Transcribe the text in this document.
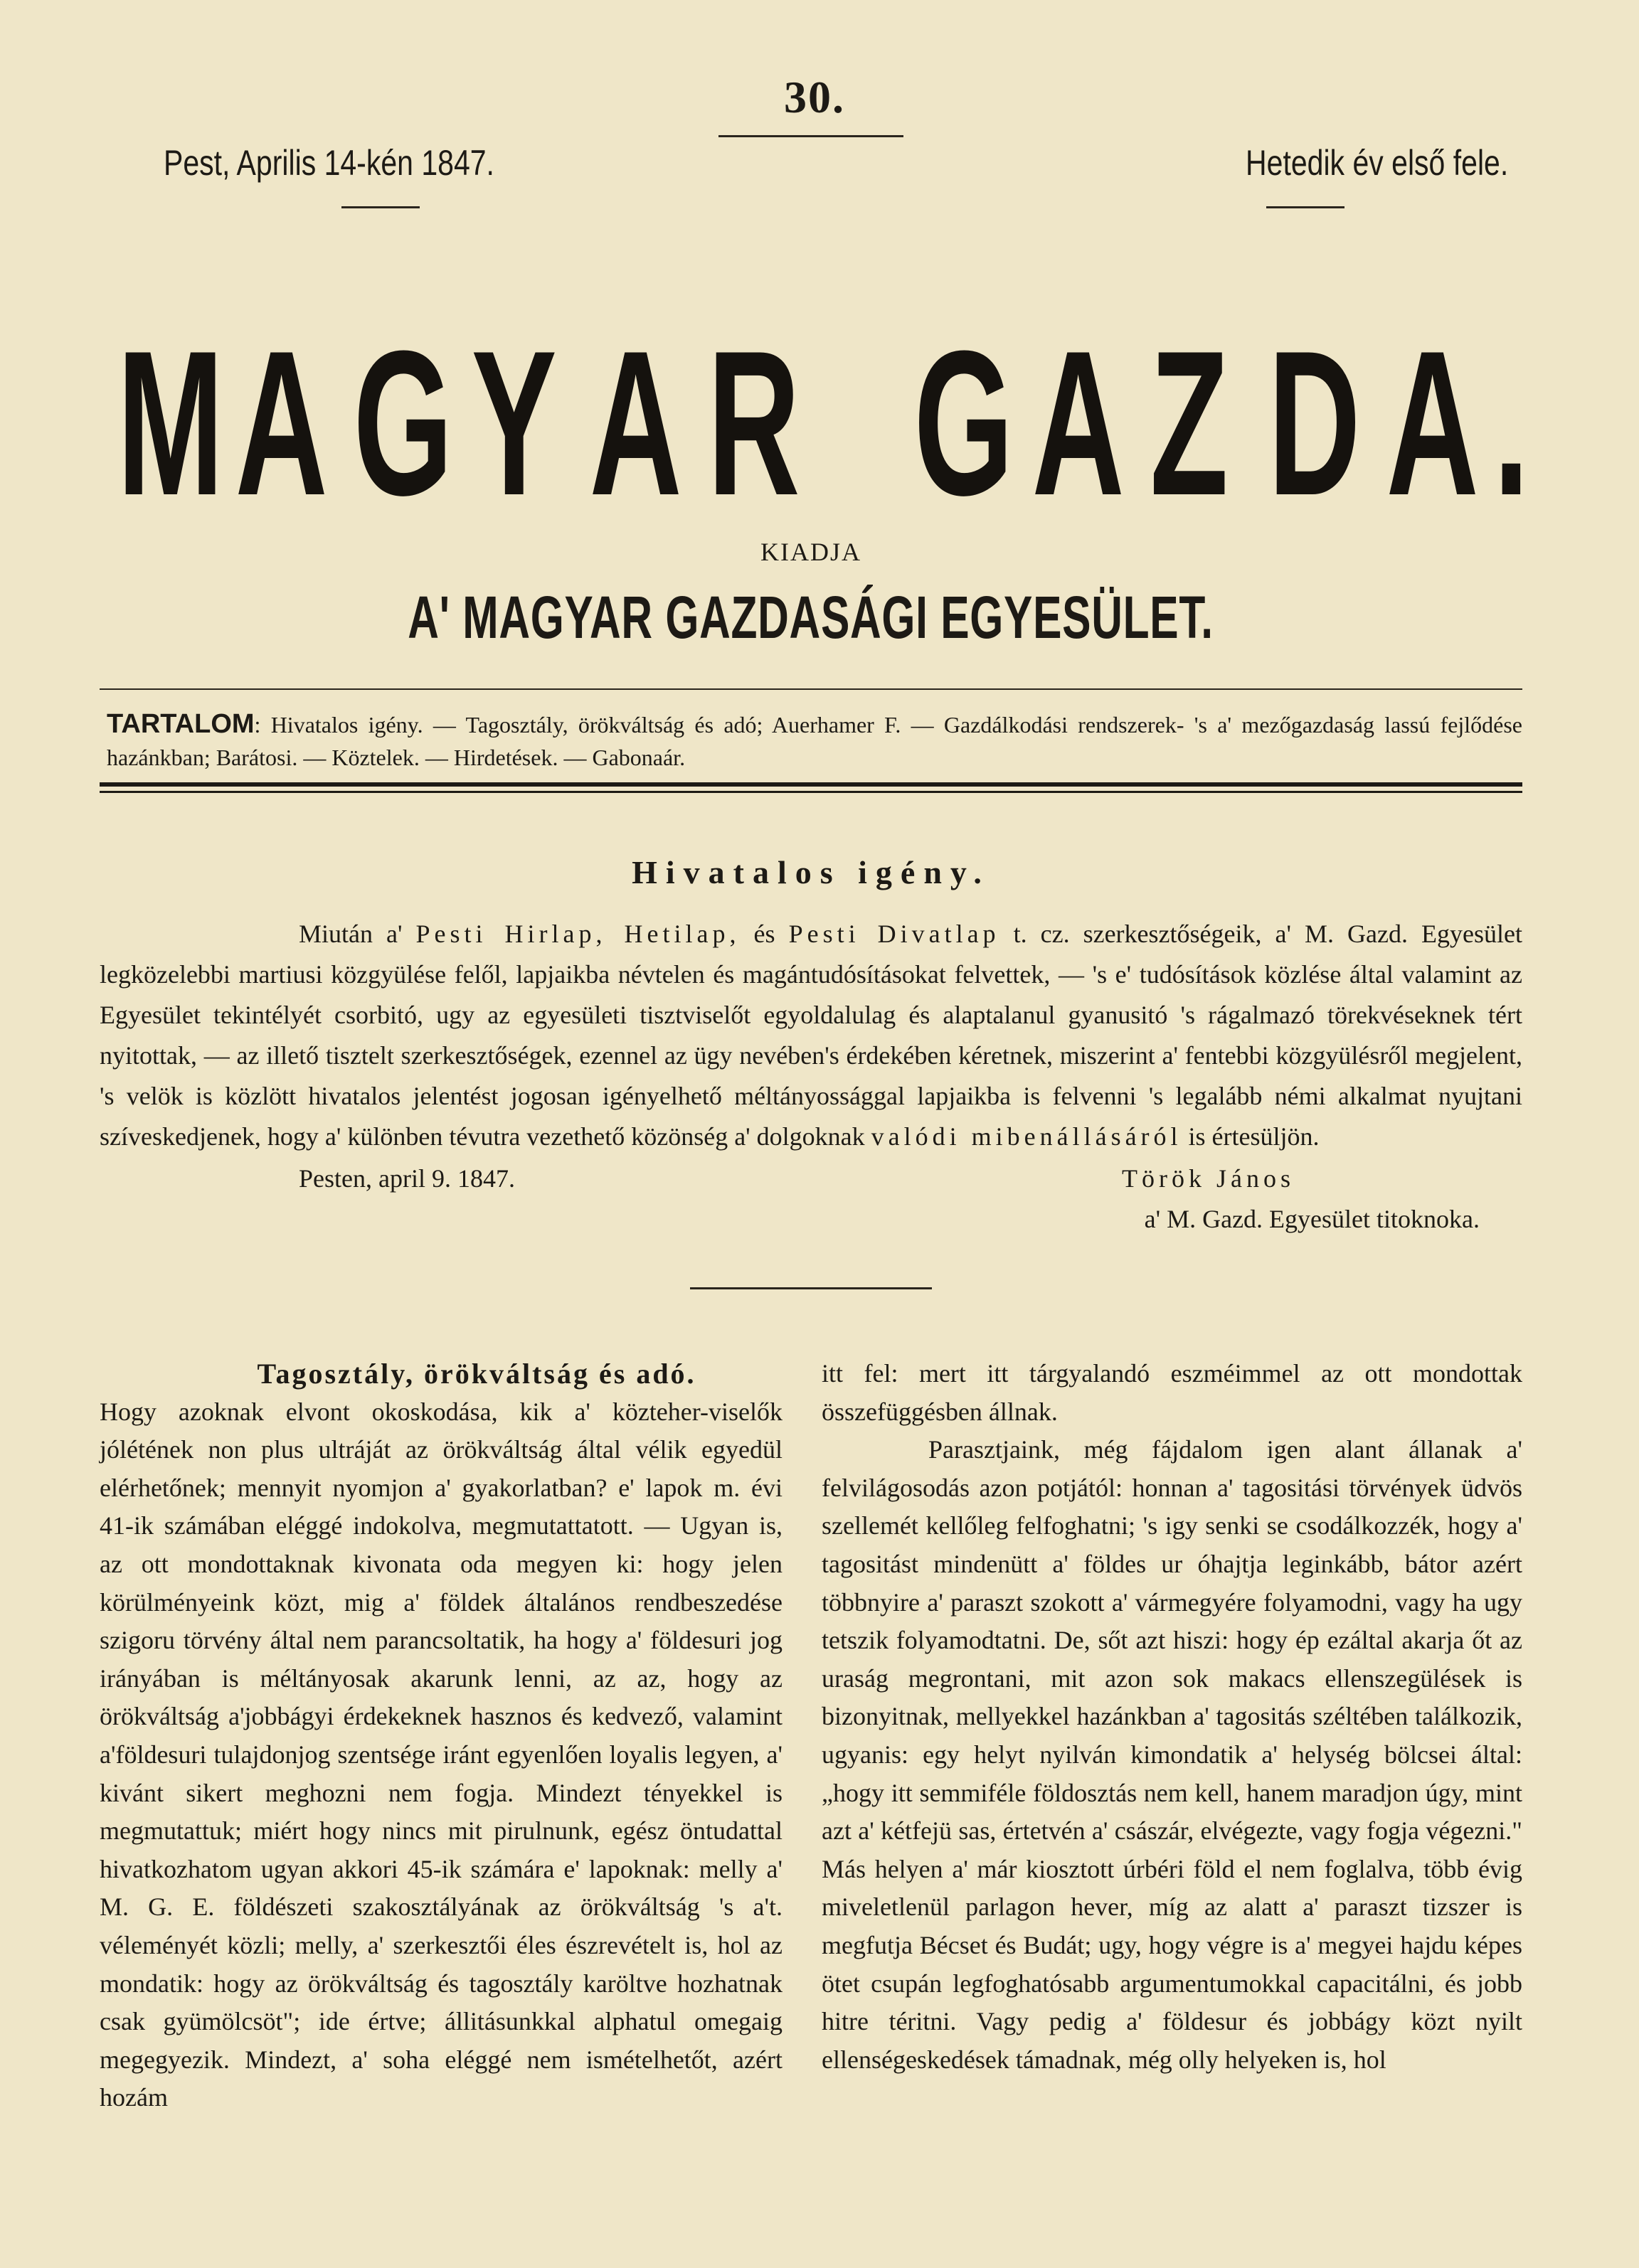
30.
Pest, Aprilis 14-kén 1847.	Hetedik év első fele.
M A G Y A R G A Z D A .
KIADJA
A' MAGYAR GAZDASÁGI EGYESÜLET.
TARTALOM: Hivatalos igény. — Tagosztály, örökváltság és adó; Auerhamer F. — Gazdálkodási rendszerek- 's a' mezőgazdaság lassú fejlődése hazánkban; Barátosi. — Köztelek. — Hirdetések. — Gabonaár.
Hivatalos igény.

Miután a' Pesti Hirlap, Hetilap, és Pesti Divatlap t. cz. szerkesztőségeik, a' M. Gazd. Egyesület legközelebbi martiusi közgyülése felől, lapjaikba névtelen és magántudósításokat felvettek, — 's e' tudósítások közlése által valamint az Egyesület tekintélyét csorbitó, ugy az egyesületi tisztviselőt egyoldalulag és alaptalanul gyanusitó 's rágalmazó törekvéseknek tért nyitottak, — az illető tisztelt szerkesztőségek, ezennel az ügy nevében's érdekében kéretnek, miszerint a' fentebbi közgyülésről megjelent, 's velök is közlött hivatalos jelentést jogosan igényelhető méltányossággal lapjaikba is felvenni 's legalább némi alkalmat nyujtani szíveskedjenek, hogy a' különben tévutra vezethető közönség a' dolgoknak valódi mibenállásáról is értesüljön.

Pesten, april 9. 1847.	Török János
a' M. Gazd. Egyesület titoknoka.
Tagosztály, örökváltság és adó.

Hogy azoknak elvont okoskodása, kik a' közteher-viselők jólétének non plus ultráját az örökváltság által vélik egyedül elérhetőnek; mennyit nyomjon a' gyakorlatban? e' lapok m. évi 41-ik számában eléggé indokolva, megmutattatott. — Ugyan is, az ott mondottaknak kivonata oda megyen ki: hogy jelen körülményeink közt, mig a' földek általános rendbeszedése szigoru törvény által nem parancsoltatik, ha hogy a' földesuri jog irányában is méltányosak akarunk lenni, az az, hogy az örökváltság a'jobbágyi érdekeknek hasznos és kedvező, valamint a'földesuri tulajdonjog szentsége iránt egyenlően loyalis legyen, a' kivánt sikert meghozni nem fogja. Mindezt tényekkel is megmutattuk; miért hogy nincs mit pirulnunk, egész öntudattal hivatkozhatom ugyan akkori 45-ik számára e' lapoknak: melly a' M. G. E. földészeti szakosztályának az örökváltság 's a't. véleményét közli; melly, a' szerkesztői éles észrevételt is, hol az mondatik: hogy az örökváltság és tagosztály karöltve hozhatnak csak gyümölcsöt"; ide értve; állitásunkkal alphatul omegaig megegyezik. Mindezt, a' soha eléggé nem ismételhetőt, azért hozám

itt fel: mert itt tárgyalandó eszméimmel az ott mondottak összefüggésben állnak.

Parasztjaink, még fájdalom igen alant állanak a' felvilágosodás azon potjától: honnan a' tagositási törvények üdvös szellemét kellőleg felfoghatni; 's igy senki se csodálkozzék, hogy a' tagositást mindenütt a' földes ur óhajtja leginkább, bátor azért többnyire a' paraszt szokott a' vármegyére folyamodni, vagy ha ugy tetszik folyamodtatni. De, sőt azt hiszi: hogy ép ezáltal akarja őt az uraság megrontani, mit azon sok makacs ellenszegülések is bizonyitnak, mellyekkel hazánkban a' tagositás széltében találkozik, ugyanis: egy helyt nyilván kimondatik a' helység bölcsei által: „hogy itt semmiféle földosztás nem kell, hanem maradjon úgy, mint azt a' kétfejü sas, értetvén a' császár, elvégezte, vagy fogja végezni." Más helyen a' már kiosztott úrbéri föld el nem foglalva, több évig miveletlenül parlagon hever, míg az alatt a' paraszt tizszer is megfutja Bécset és Budát; ugy, hogy végre is a' megyei hajdu képes ötet csupán legfoghatósabb argumentumokkal capacitálni, és jobb hitre téritni. Vagy pedig a' földesur és jobbágy közt nyilt ellenségeskedések támadnak, még olly helyeken is, hol
